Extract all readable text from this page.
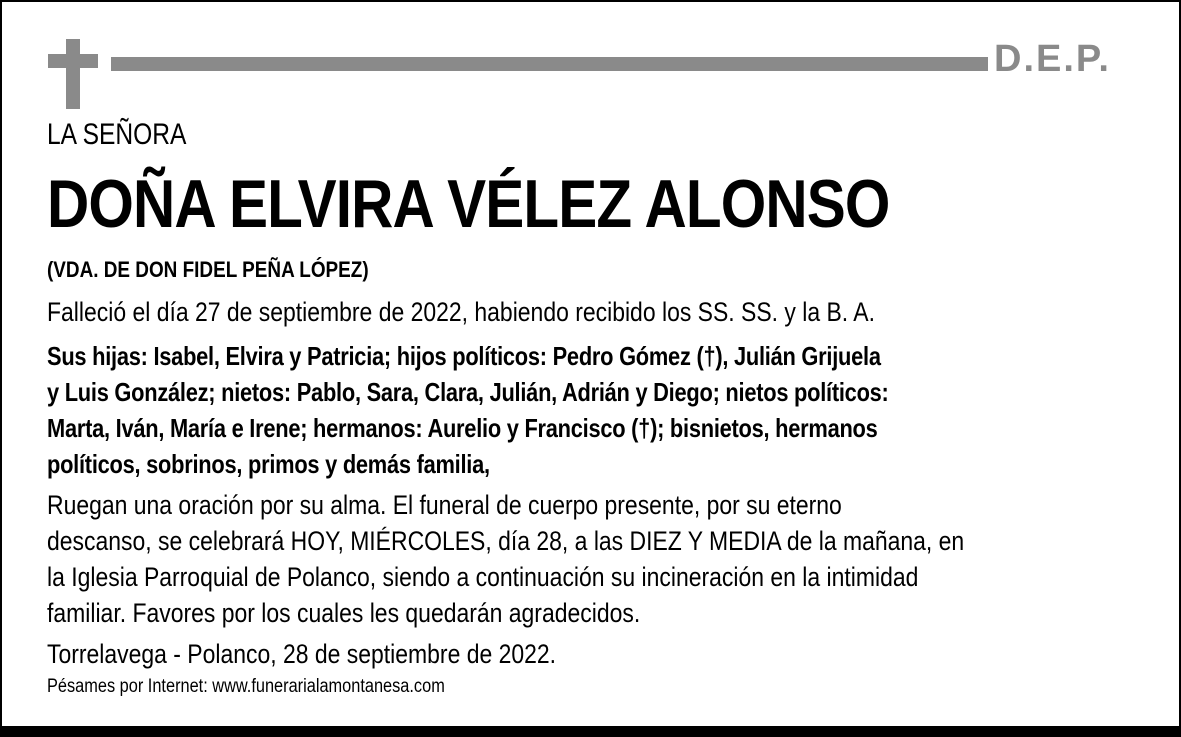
D.E.P.
LA SEÑORA
DOÑA ELVIRA VÉLEZ ALONSO
(VDA. DE DON FIDEL PEÑA LÓPEZ)
Falleció el día 27 de septiembre de 2022, habiendo recibido los SS. SS. y la B. A.
Sus hijas: Isabel, Elvira y Patricia; hijos políticos: Pedro Gómez (†), Julián Grijuela
y Luis González; nietos: Pablo, Sara, Clara, Julián, Adrián y Diego; nietos políticos:
Marta, Iván, María e Irene; hermanos: Aurelio y Francisco (†); bisnietos, hermanos
políticos, sobrinos, primos y demás familia,
Ruegan una oración por su alma. El funeral de cuerpo presente, por su eterno
descanso, se celebrará HOY, MIÉRCOLES, día 28, a las DIEZ Y MEDIA de la mañana, en
la Iglesia Parroquial de Polanco, siendo a continuación su incineración en la intimidad
familiar. Favores por los cuales les quedarán agradecidos.
Torrelavega - Polanco, 28 de septiembre de 2022.
Pésames por Internet: www.funerarialamontanesa.com
